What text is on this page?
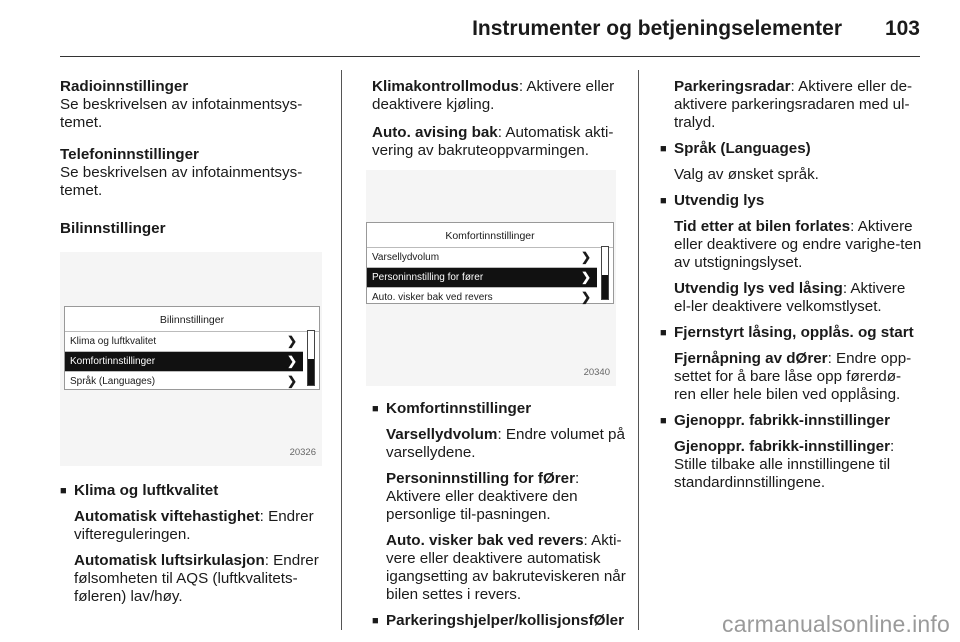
Instrumenter og betjeningselementer 103

Radioinnstillinger
Se beskrivelsen av infotainmentsys-temet.

Telefoninnstillinger
Se beskrivelsen av infotainmentsys-temet.

Bilinnstillinger

Bilinnstillinger
Klima og luftkvalitet	❯
Komfortinnstillinger	❯
Språk (Languages)	❯
20326
■ Klima og luftkvalitet
Automatisk viftehastighet: Endrer viftereguleringen.
Automatisk luftsirkulasjon: Endrer følsomheten til AQS (luftkvalitets-føleren) lav/høy.

Klimakontrollmodus: Aktivere eller deaktivere kjøling.

Auto. avising bak: Automatisk akti-vering av bakruteoppvarmingen.

Komfortinnstillinger
Varsellydvolum	❯
Personinnstilling for fører	❯
Auto. visker bak ved revers	❯
20340
■ Komfortinnstillinger
Varsellydvolum: Endre volumet på varsellydene.
Personinnstilling for fØrer: Aktivere eller deaktivere den personlige til-pasningen.
Auto. visker bak ved revers: Akti-vere eller deaktivere automatisk igangsetting av bakruteviskeren når bilen settes i revers.
■ Parkeringshjelper/kollisjonsfØler
Parkeringsradar: Aktivere eller de-aktivere parkeringsradaren med ul-tralyd.
■ Språk (Languages)
Valg av ønsket språk.
■ Utvendig lys
Tid etter at bilen forlates: Aktivere eller deaktivere og endre varighe-ten av utstigningslyset.
Utvendig lys ved låsing: Aktivere el-ler deaktivere velkomstlyset.
■ Fjernstyrt låsing, opplås. og start
Fjernåpning av dØrer: Endre opp-settet for å bare låse opp førerdø-ren eller hele bilen ved opplåsing.
■ Gjenoppr. fabrikk-innstillinger
Gjenoppr. fabrikk-innstillinger: Stille tilbake alle innstillingene til standardinnstillingene.
carmanualsonline.info
